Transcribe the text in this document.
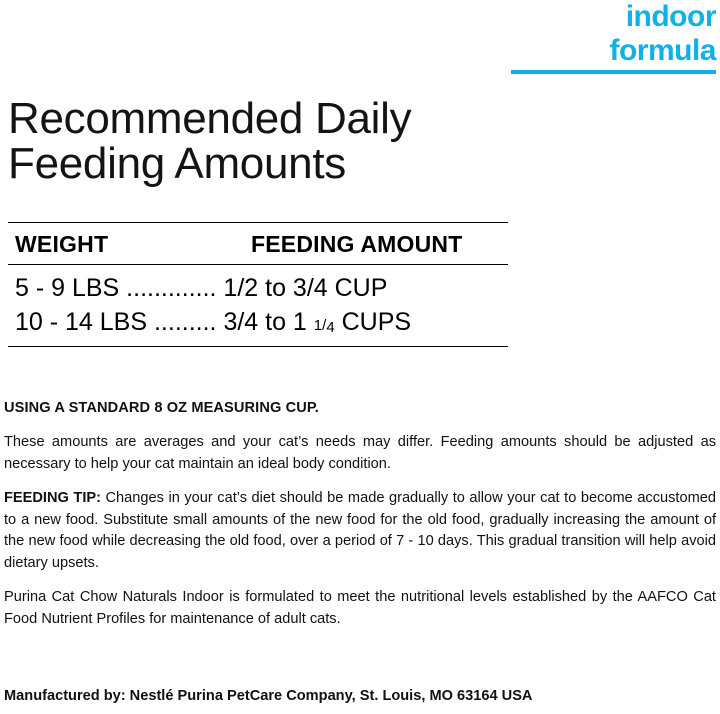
indoor
formula
Recommended Daily
Feeding Amounts
WEIGHT	FEEDING AMOUNT
5 - 9 LBS ............. 1/2 to 3/4 CUP
10 - 14 LBS ......... 3/4 to 1 1/4 CUPS

USING A STANDARD 8 OZ MEASURING CUP.

These amounts are averages and your cat’s needs may differ. Feeding amounts should be adjusted as necessary to help your cat maintain an ideal body condition.

FEEDING TIP: Changes in your cat’s diet should be made gradually to allow your cat to become accustomed to a new food. Substitute small amounts of the new food for the old food, gradually increasing the amount of the new food while decreasing the old food, over a period of 7 - 10 days. This gradual transition will help avoid dietary upsets.

Purina Cat Chow Naturals Indoor is formulated to meet the nutritional levels established by the AAFCO Cat Food Nutrient Profiles for maintenance of adult cats.

Manufactured by: Nestlé Purina PetCare Company, St. Louis, MO 63164 USA
